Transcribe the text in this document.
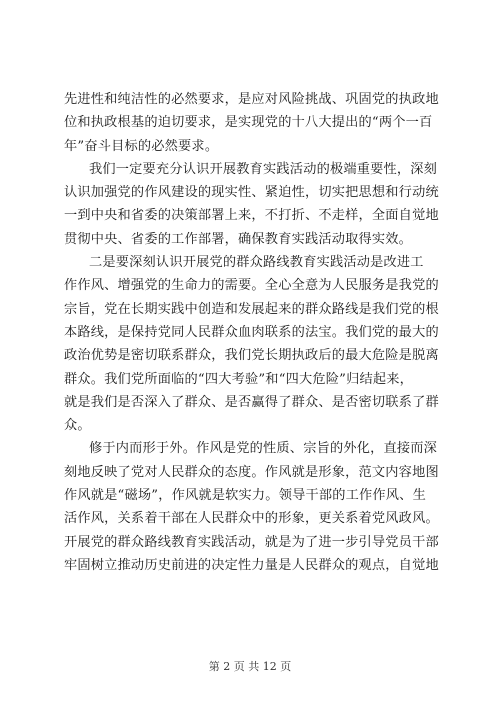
先进性和纯洁性的必然要求，是应对风险挑战、巩固党的执政地
位和执政根基的迫切要求，是实现党的十八大提出的“两个一百
年”奋斗目标的必然要求。
我们一定要充分认识开展教育实践活动的极端重要性，深刻
认识加强党的作风建设的现实性、紧迫性，切实把思想和行动统
一到中央和省委的决策部署上来，不打折、不走样，全面自觉地
贯彻中央、省委的工作部署，确保教育实践活动取得实效。
二是要深刻认识开展党的群众路线教育实践活动是改进工
作作风、增强党的生命力的需要。全心全意为人民服务是我党的
宗旨，党在长期实践中创造和发展起来的群众路线是我们党的根
本路线，是保持党同人民群众血肉联系的法宝。我们党的最大的
政治优势是密切联系群众，我们党长期执政后的最大危险是脱离
群众。我们党所面临的“四大考验”和“四大危险”归结起来，
就是我们是否深入了群众、是否赢得了群众、是否密切联系了群
众。
修于内而形于外。作风是党的性质、宗旨的外化，直接而深
刻地反映了党对人民群众的态度。作风就是形象，范文内容地图
作风就是“磁场”，作风就是软实力。领导干部的工作作风、生
活作风，关系着干部在人民群众中的形象，更关系着党风政风。
开展党的群众路线教育实践活动，就是为了进一步引导党员干部
牢固树立推动历史前进的决定性力量是人民群众的观点，自觉地
第 2 页 共 12 页
